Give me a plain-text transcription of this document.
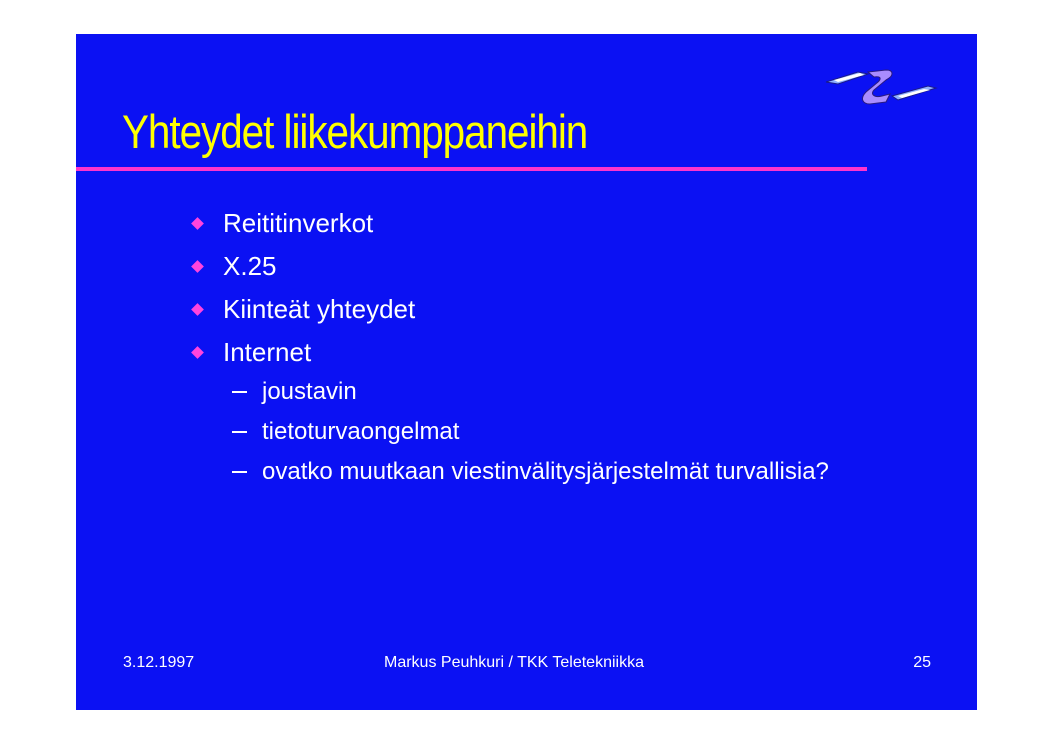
Yhteydet liikekumppaneihin
Reititinverkot
X.25
Kiinteät yhteydet
Internet
joustavin
tietoturvaongelmat
ovatko muutkaan viestinvälitysjärjestelmät turvallisia?
3.12.1997	Markus Peuhkuri / TKK Teletekniikka	25
